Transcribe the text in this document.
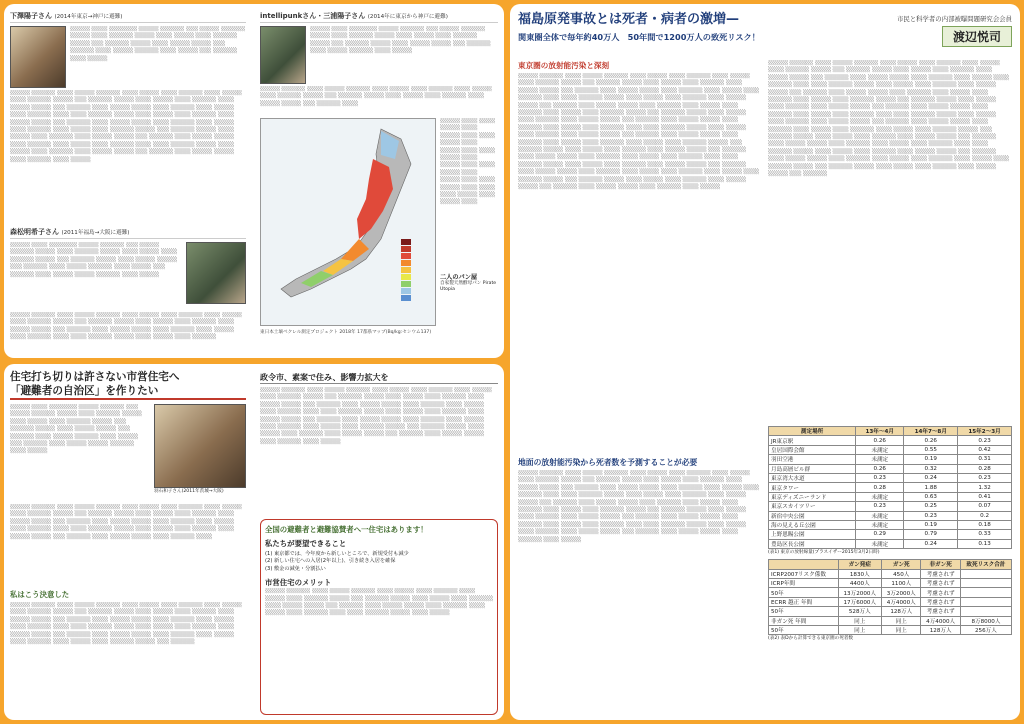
下澤陽子さん (2014年東京→神戸に避難)
░░░░░ ░░░░ ░░░░░░░ ░░░░░ ░░░░░░ ░░░ ░░░░░ ░░░░░░ ░░░░░ ░░░░ ░░░░░░ ░░░░░ ░░░░ ░░░░░ ░░░░ ░░░░░░ ░░░░░ ░░░ ░░░░░░ ░░░░░ ░░░░ ░░░░░ ░░░░░ ░░░ ░░░░░░ ░░░░ ░░░░░ ░░░░░░ ░░░░ ░░░░░ ░░░ ░░░░░░ ░░░░ ░░░░░
░░░░░ ░░░░░░ ░░░░ ░░░░░ ░░░░░░ ░░░░ ░░░░░ ░░░░ ░░░░░░ ░░░░ ░░░░░ ░░░░ ░░░░░░ ░░░░░ ░░░ ░░░░░░ ░░░░░ ░░░░ ░░░░░ ░░░░ ░░░░░░ ░░░░ ░░░░░ ░░░░░ ░░░ ░░░░░░ ░░░░ ░░░░░ ░░░░░ ░░░░ ░░░░░░ ░░░░ ░░░░░ ░░░░ ░░░░░░ ░░░░ ░░░░ ░░░░░░ ░░░░░ ░░░░ ░░░░░ ░░░░ ░░░░░░ ░░░░ ░░░░░ ░░░░░ ░░░ ░░░░░░ ░░░░ ░░░░░ ░░░░░ ░░░░ ░░░░░░ ░░░░ ░░░░░ ░░░░ ░░░░░░ ░░░░ ░░░░░ ░░░░ ░░░░░░ ░░░░░ ░░░ ░░░░░░ ░░░░░ ░░░░ ░░░░░ ░░░░ ░░░░░░ ░░░░ ░░░░░ ░░░░░ ░░░ ░░░░░░ ░░░░ ░░░░░ ░░░░░ ░░░░ ░░░░░░ ░░░░ ░░░░░ ░░░░ ░░░░░░ ░░░░ ░░░░ ░░░░░░ ░░░░░ ░░░░ ░░░░░ ░░░░ ░░░░░░ ░░░░ ░░░░░ ░░░░░ ░░░ ░░░░░░ ░░░░ ░░░░░ ░░░░░ ░░░░ ░░░░░░ ░░░░ ░░░░░
森松明希子さん (2011年福島→大阪に避難)
░░░░░ ░░░░ ░░░░░░░ ░░░░░ ░░░░░░ ░░░ ░░░░░ ░░░░░░ ░░░░░ ░░░░ ░░░░░░ ░░░░░ ░░░░ ░░░░░ ░░░░ ░░░░░░ ░░░░░ ░░░ ░░░░░░ ░░░░░ ░░░░ ░░░░░ ░░░░░ ░░░ ░░░░░░ ░░░░ ░░░░░ ░░░░░░ ░░░░ ░░░░░ ░░░ ░░░░░░ ░░░░ ░░░░░ ░░░░░ ░░░░░░ ░░░░ ░░░░░
░░░░░ ░░░░░░ ░░░░ ░░░░░ ░░░░░░ ░░░░ ░░░░░ ░░░░ ░░░░░░ ░░░░ ░░░░░ ░░░░ ░░░░░░ ░░░░░ ░░░ ░░░░░░ ░░░░░ ░░░░ ░░░░░ ░░░░ ░░░░░░ ░░░░ ░░░░░ ░░░░░ ░░░ ░░░░░░ ░░░░ ░░░░░ ░░░░░ ░░░░ ░░░░░░ ░░░░ ░░░░░ ░░░░ ░░░░░░ ░░░░ ░░░░ ░░░░░░ ░░░░░ ░░░░ ░░░░░ ░░░░ ░░░░░░
intellipunkさん・三浦陽子さん (2014年に東京から神戸に避難)
░░░░░ ░░░░ ░░░░░░░ ░░░░░ ░░░░░░ ░░░ ░░░░░ ░░░░░░ ░░░░░ ░░░░ ░░░░░░ ░░░░░ ░░░░ ░░░░░ ░░░░ ░░░░░░ ░░░░░ ░░░ ░░░░░░ ░░░░░ ░░░░ ░░░░░ ░░░░░ ░░░ ░░░░░░ ░░░░ ░░░░░ ░░░░░░ ░░░░ ░░░░░
░░░░░ ░░░░░░ ░░░░ ░░░░░ ░░░░░░ ░░░░ ░░░░░ ░░░░ ░░░░░░ ░░░░ ░░░░░ ░░░░ ░░░░░░ ░░░░░ ░░░ ░░░░░░ ░░░░░ ░░░░ ░░░░░ ░░░░ ░░░░░░ ░░░░ ░░░░░ ░░░░░ ░░░ ░░░░░░ ░░░░
░░░░░ ░░░░ ░░░░ ░░░░░ ░░░░ ░░░░░ ░░░░ ░░░░ ░░░░░ ░░░░ ░░░░░ ░░░░ ░░░░ ░░░░░ ░░░░ ░░░░░ ░░░░ ░░░░ ░░░░░ ░░░░ ░░░░░ ░░░░ ░░░░ ░░░░░ ░░░░ ░░░░ ░░░░ ░░░░░ ░░░░ ░░░░░ ░░░░
二人のパン屋
自家製天然酵母パン Pirate Utopia
東日本土壌ベクレル測定プロジェクト 2018年 17都県マップ(Bq/kg:セシウム137)
住宅打ち切りは許さない市営住宅へ
「避難者の自治区」を作りたい
░░░░░ ░░░░ ░░░░░░░ ░░░░░ ░░░░░░ ░░░ ░░░░░ ░░░░░░ ░░░░░ ░░░░ ░░░░░░ ░░░░░ ░░░░ ░░░░░ ░░░░ ░░░░░░ ░░░░░ ░░░ ░░░░░░ ░░░░░ ░░░░ ░░░░░ ░░░░░ ░░░ ░░░░░░ ░░░░ ░░░░░ ░░░░░░ ░░░░ ░░░░░ ░░░ ░░░░░░ ░░░░ ░░░░░ ░░░░░ ░░░░░░ ░░░░ ░░░░░
羽石和子さん(2011年茨城→大阪)
░░░░░ ░░░░░░ ░░░░ ░░░░░ ░░░░░░ ░░░░ ░░░░░ ░░░░ ░░░░░░ ░░░░ ░░░░░ ░░░░ ░░░░░░ ░░░░░ ░░░ ░░░░░░ ░░░░░ ░░░░ ░░░░░ ░░░░ ░░░░░░ ░░░░ ░░░░░ ░░░░░ ░░░ ░░░░░░ ░░░░ ░░░░░ ░░░░░ ░░░░ ░░░░░░ ░░░░ ░░░░░ ░░░░ ░░░░░░ ░░░░ ░░░░ ░░░░░░ ░░░░░ ░░░░ ░░░░░ ░░░░ ░░░░░░ ░░░░ ░░░░░ ░░░░░ ░░░ ░░░░░░ ░░░░ ░░░░░ ░░░░░ ░░░░ ░░░░░░ ░░░░
私はこう決意した
░░░░░ ░░░░░░ ░░░░ ░░░░░ ░░░░░░ ░░░░ ░░░░░ ░░░░ ░░░░░░ ░░░░ ░░░░░ ░░░░ ░░░░░░ ░░░░░ ░░░ ░░░░░░ ░░░░░ ░░░░ ░░░░░ ░░░░ ░░░░░░ ░░░░ ░░░░░ ░░░░░ ░░░ ░░░░░░ ░░░░ ░░░░░ ░░░░░ ░░░░ ░░░░░░ ░░░░ ░░░░░ ░░░░ ░░░░░░ ░░░░ ░░░░ ░░░░░░ ░░░░░ ░░░░ ░░░░░ ░░░░ ░░░░░░ ░░░░ ░░░░░ ░░░░░ ░░░ ░░░░░░ ░░░░ ░░░░░ ░░░░░ ░░░░ ░░░░░░ ░░░░ ░░░░░ ░░░░ ░░░░░░ ░░░░ ░░░░░ ░░░░ ░░░░░░ ░░░░░ ░░░ ░░░░░░
政令市、素案で住み、影響力拡大を
░░░░░ ░░░░░░ ░░░░ ░░░░░ ░░░░░░ ░░░░ ░░░░░ ░░░░ ░░░░░░ ░░░░ ░░░░░ ░░░░ ░░░░░░ ░░░░░ ░░░ ░░░░░░ ░░░░░ ░░░░ ░░░░░ ░░░░ ░░░░░░ ░░░░ ░░░░░ ░░░░░ ░░░ ░░░░░░ ░░░░ ░░░░░ ░░░░░ ░░░░ ░░░░░░ ░░░░ ░░░░░ ░░░░ ░░░░░░ ░░░░ ░░░░ ░░░░░░ ░░░░░ ░░░░ ░░░░░ ░░░░ ░░░░░░ ░░░░ ░░░░░ ░░░░░ ░░░ ░░░░░░ ░░░░ ░░░░░ ░░░░░ ░░░░ ░░░░░░ ░░░░ ░░░░░ ░░░░ ░░░░░░ ░░░░ ░░░░░ ░░░░ ░░░░░░ ░░░░░ ░░░ ░░░░░░ ░░░░░ ░░░░ ░░░░░ ░░░░ ░░░░░░ ░░░░ ░░░░░ ░░░░░ ░░░ ░░░░░░ ░░░░ ░░░░░ ░░░░░ ░░░░ ░░░░░░ ░░░░ ░░░░░
全国の避難者と避難協賛者へ一住宅はあります！
私たちが要望できること
(1) 東京都では、今年度から新しいところで、新規受付も減少
(2) 新しい住宅への入居(2年以上)、引き続き入居を確保
(3) 敷金の減免・分割払い
市営住宅のメリット
░░░░░ ░░░░░░ ░░░░ ░░░░░ ░░░░░░ ░░░░ ░░░░░ ░░░░ ░░░░░░ ░░░░ ░░░░░ ░░░░ ░░░░░░ ░░░░░ ░░░ ░░░░░░ ░░░░░ ░░░░ ░░░░░ ░░░░ ░░░░░░ ░░░░ ░░░░░ ░░░░░ ░░░ ░░░░░░ ░░░░ ░░░░░ ░░░░░ ░░░░ ░░░░░░ ░░░░ ░░░░░ ░░░░ ░░░░░░ ░░░░ ░░░░ ░░░░░░ ░░░░░ ░░░░ ░░░░░
福島原発事故とは死者・病者の激増—	市民と科学者の内部被曝問題研究会会員
関東圏全体で毎年約40万人　50年間で1200万人の致死リスク！	渡辺悦司
東京圏の放射能汚染と深刻
░░░░░ ░░░░░░ ░░░░ ░░░░░ ░░░░░░ ░░░░ ░░░░░ ░░░░ ░░░░░░ ░░░░ ░░░░░ ░░░░ ░░░░░░ ░░░░░ ░░░ ░░░░░░ ░░░░░ ░░░░ ░░░░░ ░░░░ ░░░░░░ ░░░░ ░░░░░ ░░░░░ ░░░ ░░░░░░ ░░░░ ░░░░░ ░░░░░ ░░░░ ░░░░░░ ░░░░ ░░░░░ ░░░░ ░░░░░░ ░░░░ ░░░░ ░░░░░░ ░░░░░ ░░░░ ░░░░░ ░░░░ ░░░░░░ ░░░░ ░░░░░ ░░░░░ ░░░ ░░░░░░ ░░░░ ░░░░░ ░░░░░ ░░░░ ░░░░░░ ░░░░ ░░░░░ ░░░░ ░░░░░░ ░░░░ ░░░░░ ░░░░ ░░░░░░ ░░░░░ ░░░ ░░░░░░ ░░░░░ ░░░░ ░░░░░ ░░░░ ░░░░░░ ░░░░ ░░░░░ ░░░░░ ░░░ ░░░░░░ ░░░░ ░░░░░ ░░░░░ ░░░░ ░░░░░░ ░░░░ ░░░░░ ░░░░ ░░░░░░ ░░░░ ░░░░ ░░░░░░ ░░░░░ ░░░░ ░░░░░ ░░░░ ░░░░░░ ░░░░ ░░░░░ ░░░░░ ░░░ ░░░░░░ ░░░░ ░░░░░ ░░░░░ ░░░░ ░░░░░░ ░░░░ ░░░░░ ░░░░ ░░░░░░ ░░░░ ░░░░░ ░░░░ ░░░░░░ ░░░░░ ░░░ ░░░░░░ ░░░░░ ░░░░ ░░░░░ ░░░░ ░░░░░░ ░░░░ ░░░░░ ░░░░░ ░░░ ░░░░░░ ░░░░ ░░░░░ ░░░░░ ░░░░ ░░░░░░ ░░░░ ░░░░░ ░░░░ ░░░░░░ ░░░░ ░░░░ ░░░░░░ ░░░░░ ░░░░ ░░░░░ ░░░░ ░░░░░░ ░░░░ ░░░░░ ░░░░░ ░░░ ░░░░░░ ░░░░ ░░░░░ ░░░░░ ░░░░ ░░░░░░ ░░░░ ░░░░░ ░░░░ ░░░░░░ ░░░░ ░░░░░ ░░░░ ░░░░░░ ░░░░░ ░░░ ░░░░░░ ░░░░░ ░░░░ ░░░░░ ░░░░ ░░░░░░ ░░░░ ░░░░░ ░░░░░ ░░░ ░░░░░░ ░░░░ ░░░░░ ░░░░░ ░░░░ ░░░░░░ ░░░░ ░░░░░
地面の放射能汚染から死者数を予測することが必要
░░░░░ ░░░░░░ ░░░░ ░░░░░ ░░░░░░ ░░░░ ░░░░░ ░░░░ ░░░░░░ ░░░░ ░░░░░ ░░░░ ░░░░░░ ░░░░░ ░░░ ░░░░░░ ░░░░░ ░░░░ ░░░░░ ░░░░ ░░░░░░ ░░░░ ░░░░░ ░░░░░ ░░░ ░░░░░░ ░░░░ ░░░░░ ░░░░░ ░░░░ ░░░░░░ ░░░░ ░░░░░ ░░░░ ░░░░░░ ░░░░ ░░░░ ░░░░░░ ░░░░░ ░░░░ ░░░░░ ░░░░ ░░░░░░ ░░░░ ░░░░░ ░░░░░ ░░░ ░░░░░░ ░░░░ ░░░░░ ░░░░░ ░░░░ ░░░░░░ ░░░░ ░░░░░ ░░░░ ░░░░░░ ░░░░ ░░░░░ ░░░░ ░░░░░░ ░░░░░ ░░░ ░░░░░░ ░░░░░ ░░░░ ░░░░░ ░░░░ ░░░░░░ ░░░░ ░░░░░ ░░░░░ ░░░ ░░░░░░ ░░░░ ░░░░░ ░░░░░ ░░░░ ░░░░░░ ░░░░ ░░░░░ ░░░░ ░░░░░░ ░░░░ ░░░░ ░░░░░░ ░░░░░ ░░░░ ░░░░░ ░░░░ ░░░░░░ ░░░░ ░░░░░ ░░░░░ ░░░ ░░░░░░ ░░░░ ░░░░░ ░░░░░ ░░░░ ░░░░░░ ░░░░ ░░░░░
░░░░░ ░░░░░░ ░░░░ ░░░░░ ░░░░░░ ░░░░ ░░░░░ ░░░░ ░░░░░░ ░░░░ ░░░░░ ░░░░ ░░░░░░ ░░░░░ ░░░ ░░░░░░ ░░░░░ ░░░░ ░░░░░ ░░░░ ░░░░░░ ░░░░ ░░░░░ ░░░░░ ░░░ ░░░░░░ ░░░░ ░░░░░ ░░░░░ ░░░░ ░░░░░░ ░░░░ ░░░░░ ░░░░ ░░░░░░ ░░░░ ░░░░ ░░░░░░ ░░░░░ ░░░░ ░░░░░ ░░░░ ░░░░░░ ░░░░ ░░░░░ ░░░░░ ░░░ ░░░░░░ ░░░░ ░░░░░ ░░░░░ ░░░░ ░░░░░░ ░░░░ ░░░░░ ░░░░ ░░░░░░ ░░░░ ░░░░░ ░░░░ ░░░░░░ ░░░░░ ░░░ ░░░░░░ ░░░░░ ░░░░ ░░░░░ ░░░░ ░░░░░░ ░░░░ ░░░░░ ░░░░░ ░░░ ░░░░░░ ░░░░ ░░░░░ ░░░░░ ░░░░ ░░░░░░ ░░░░ ░░░░░ ░░░░ ░░░░░░ ░░░░ ░░░░ ░░░░░░ ░░░░░ ░░░░ ░░░░░ ░░░░ ░░░░░░ ░░░░ ░░░░░ ░░░░░ ░░░ ░░░░░░ ░░░░ ░░░░░ ░░░░░ ░░░░ ░░░░░░ ░░░░ ░░░░░ ░░░░ ░░░░░░ ░░░░ ░░░░░ ░░░░ ░░░░░░ ░░░░░ ░░░ ░░░░░░ ░░░░░ ░░░░ ░░░░░ ░░░░ ░░░░░░ ░░░░ ░░░░░ ░░░░░ ░░░ ░░░░░░ ░░░░ ░░░░░ ░░░░░ ░░░░ ░░░░░░ ░░░░ ░░░░░ ░░░░ ░░░░░░ ░░░░ ░░░░ ░░░░░░ ░░░░░ ░░░░ ░░░░░ ░░░░ ░░░░░░ ░░░░ ░░░░░ ░░░░░ ░░░ ░░░░░░ ░░░░ ░░░░░ ░░░░░ ░░░░ ░░░░░░ ░░░░ ░░░░░ ░░░░ ░░░░░░ ░░░░ ░░░░░ ░░░░ ░░░░░░ ░░░░░ ░░░ ░░░░░░ ░░░░░ ░░░░ ░░░░░ ░░░░ ░░░░░░ ░░░░ ░░░░░ ░░░░░ ░░░ ░░░░░░
測定場所	13年～4月	14年7～8月	15年2～3月
JR東京駅	0.26	0.26	0.23
皇居国際会館	未測定	0.55	0.42
羽田空港	未測定	0.19	0.31
月島高層ビル群	0.26	0.32	0.28
東京湾大水道	0.23	0.24	0.23
東京タワー	0.28	1.88	1.32
東京ディズニーランド	未測定	0.63	0.41
東京スカイツリー	0.23	0.25	0.07
新宿中央公園	未測定	0.23	0.2
海の見える丘公園	未測定	0.19	0.18
上野恩賜公園	0.29	0.79	0.33
豊島区長公園	未測定	0.24	0.13
(表1) 東京の放射線量(プラスイザー2015年3月2日時)
	ガン発症	ガン死	非ガン死	致死リスク合計
ICRP2007リスク係数	1830人	450人	考慮されず	
ICRP年間	4400人	1100人	考慮されず	
50年	13万2000人	3万2000人	考慮されず	
ECRR 越正 年間	17万6000人	4万4000人	考慮されず	
50年	528万人	128万人	考慮されず	
非ガン死 年間	同上	同上	4万4000人	8万8000人
50年	同上	同上	128万人	256万人
(表2) 表Dから計算できる東京圏の死者数
